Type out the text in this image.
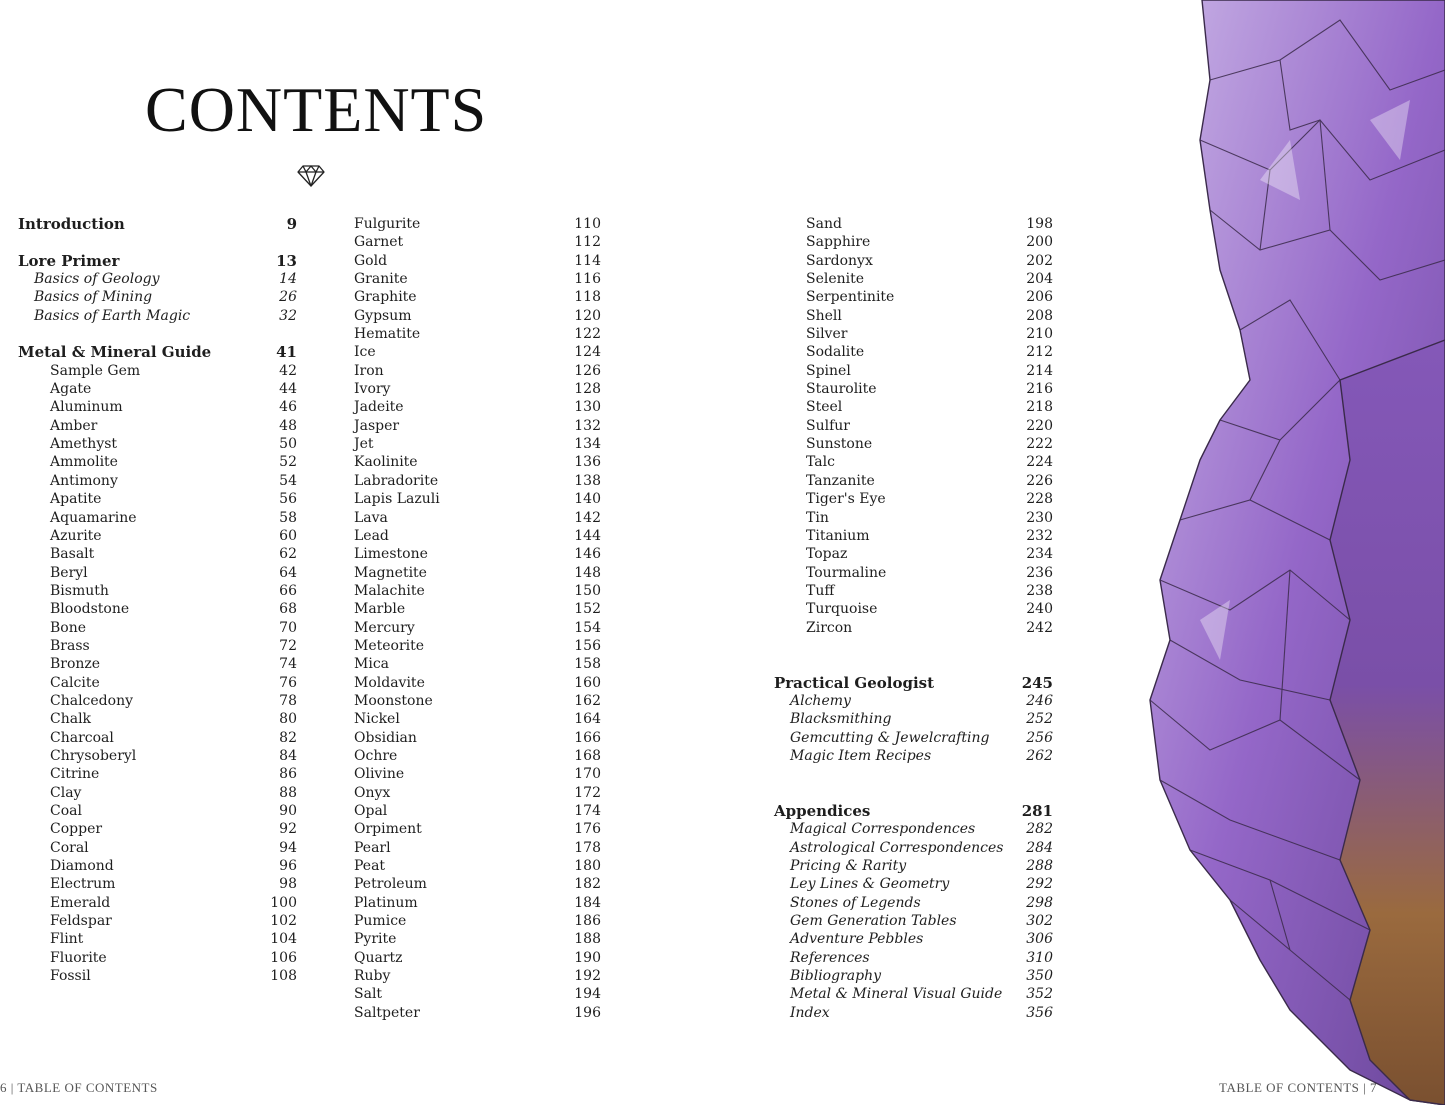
CONTENTS
Introduction	9
Lore Primer	13
Basics of Geology	14
Basics of Mining	26
Basics of Earth Magic	32
Metal & Mineral Guide	41
Sample Gem	42
Agate	44
Aluminum	46
Amber	48
Amethyst	50
Ammolite	52
Antimony	54
Apatite	56
Aquamarine	58
Azurite	60
Basalt	62
Beryl	64
Bismuth	66
Bloodstone	68
Bone	70
Brass	72
Bronze	74
Calcite	76
Chalcedony	78
Chalk	80
Charcoal	82
Chrysoberyl	84
Citrine	86
Clay	88
Coal	90
Copper	92
Coral	94
Diamond	96
Electrum	98
Emerald	100
Feldspar	102
Flint	104
Fluorite	106
Fossil	108
Fulgurite	110
Garnet	112
Gold	114
Granite	116
Graphite	118
Gypsum	120
Hematite	122
Ice	124
Iron	126
Ivory	128
Jadeite	130
Jasper	132
Jet	134
Kaolinite	136
Labradorite	138
Lapis Lazuli	140
Lava	142
Lead	144
Limestone	146
Magnetite	148
Malachite	150
Marble	152
Mercury	154
Meteorite	156
Mica	158
Moldavite	160
Moonstone	162
Nickel	164
Obsidian	166
Ochre	168
Olivine	170
Onyx	172
Opal	174
Orpiment	176
Pearl	178
Peat	180
Petroleum	182
Platinum	184
Pumice	186
Pyrite	188
Quartz	190
Ruby	192
Salt	194
Saltpeter	196
Sand	198
Sapphire	200
Sardonyx	202
Selenite	204
Serpentinite	206
Shell	208
Silver	210
Sodalite	212
Spinel	214
Staurolite	216
Steel	218
Sulfur	220
Sunstone	222
Talc	224
Tanzanite	226
Tiger's Eye	228
Tin	230
Titanium	232
Topaz	234
Tourmaline	236
Tuff	238
Turquoise	240
Zircon	242
Practical Geologist	245
Alchemy	246
Blacksmithing	252
Gemcutting & Jewelcrafting	256
Magic Item Recipes	262
Appendices	281
Magical Correspondences	282
Astrological Correspondences 284
Pricing & Rarity	288
Ley Lines & Geometry	292
Stones of Legends	298
Gem Generation Tables	302
Adventure Pebbles	306
References	310
Bibliography	350
Metal & Mineral Visual Guide 352
Index	356
6 | TABLE OF CONTENTS	TABLE OF CONTENTS | 7
